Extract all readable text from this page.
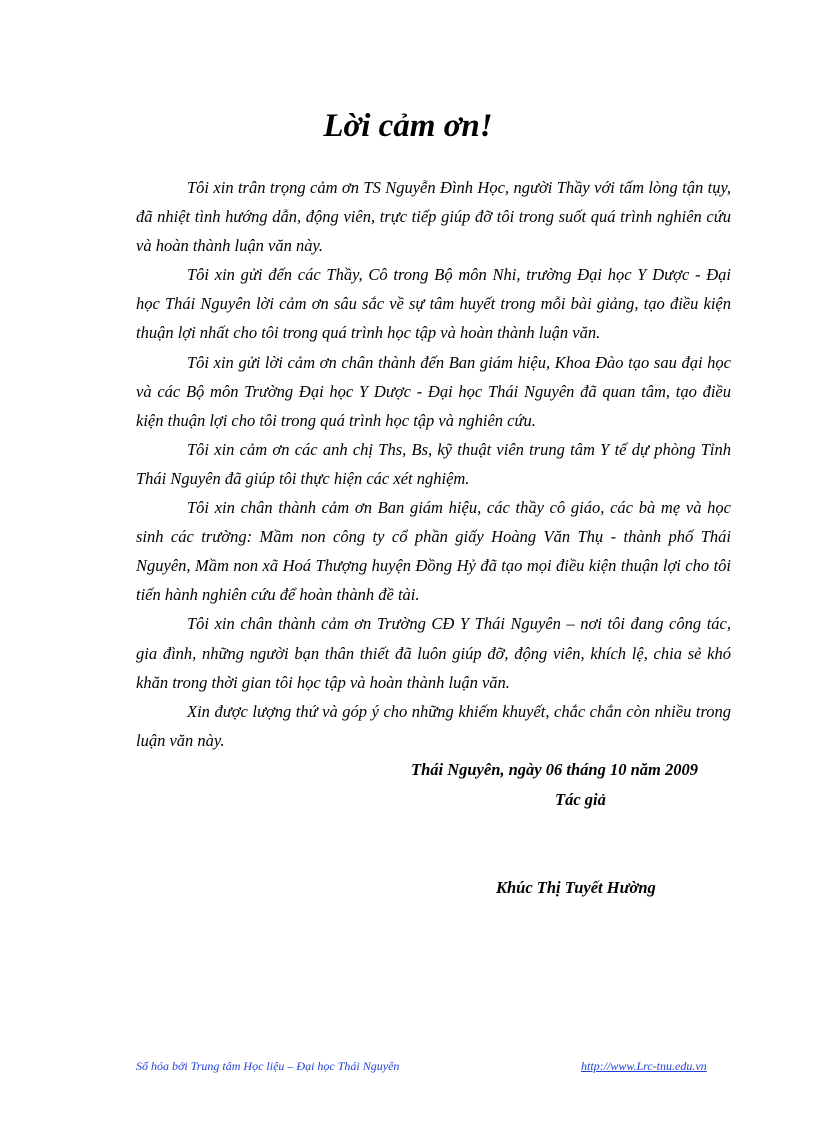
Lời cảm ơn!

Tôi xin trân trọng cảm ơn TS Nguyễn Đình Học, người Thầy với tấm lòng tận tụy, đã nhiệt tình hướng dẫn, động viên, trực tiếp giúp đỡ tôi trong suốt quá trình nghiên cứu và hoàn thành luận văn này.

Tôi xin gửi đến các Thầy, Cô trong Bộ môn Nhi, trường Đại học Y Dược - Đại học Thái Nguyên lời cảm ơn sâu sắc về sự tâm huyết trong mỗi bài giảng, tạo điều kiện thuận lợi nhất cho tôi trong quá trình học tập và hoàn thành luận văn.

Tôi xin gửi lời cảm ơn chân thành đến Ban giám hiệu, Khoa Đào tạo sau đại học và các Bộ môn Trường Đại học Y Dược - Đại học Thái Nguyên đã quan tâm, tạo điều kiện thuận lợi cho tôi trong quá trình học tập và nghiên cứu.

Tôi xin cảm ơn các anh chị Ths, Bs, kỹ thuật viên trung tâm Y tế dự phòng Tỉnh Thái Nguyên đã giúp tôi thực hiện các xét nghiệm.

Tôi xin chân thành cảm ơn Ban giám hiệu, các thầy cô giáo, các bà mẹ và học sinh các trường: Mầm non công ty cổ phần giấy Hoàng Văn Thụ - thành phố Thái Nguyên, Mầm non xã Hoá Thượng huyện Đồng Hỷ đã tạo mọi điều kiện thuận lợi cho tôi tiến hành nghiên cứu để hoàn thành đề tài.

Tôi xin chân thành cảm ơn Trường CĐ Y Thái Nguyên – nơi tôi đang công tác, gia đình, những người bạn thân thiết đã luôn giúp đỡ, động viên, khích lệ, chia sẻ khó khăn trong thời gian tôi học tập và hoàn thành luận văn.

Xin được lượng thứ và góp ý cho những khiếm khuyết, chắc chắn còn nhiều trong luận văn này.

Thái Nguyên, ngày 06 tháng 10 năm 2009
Tác giả
Khúc Thị Tuyết Hường
Số hóa bởi Trung tâm Học liệu – Đại học Thái Nguyên	http://www.Lrc-tnu.edu.vn
